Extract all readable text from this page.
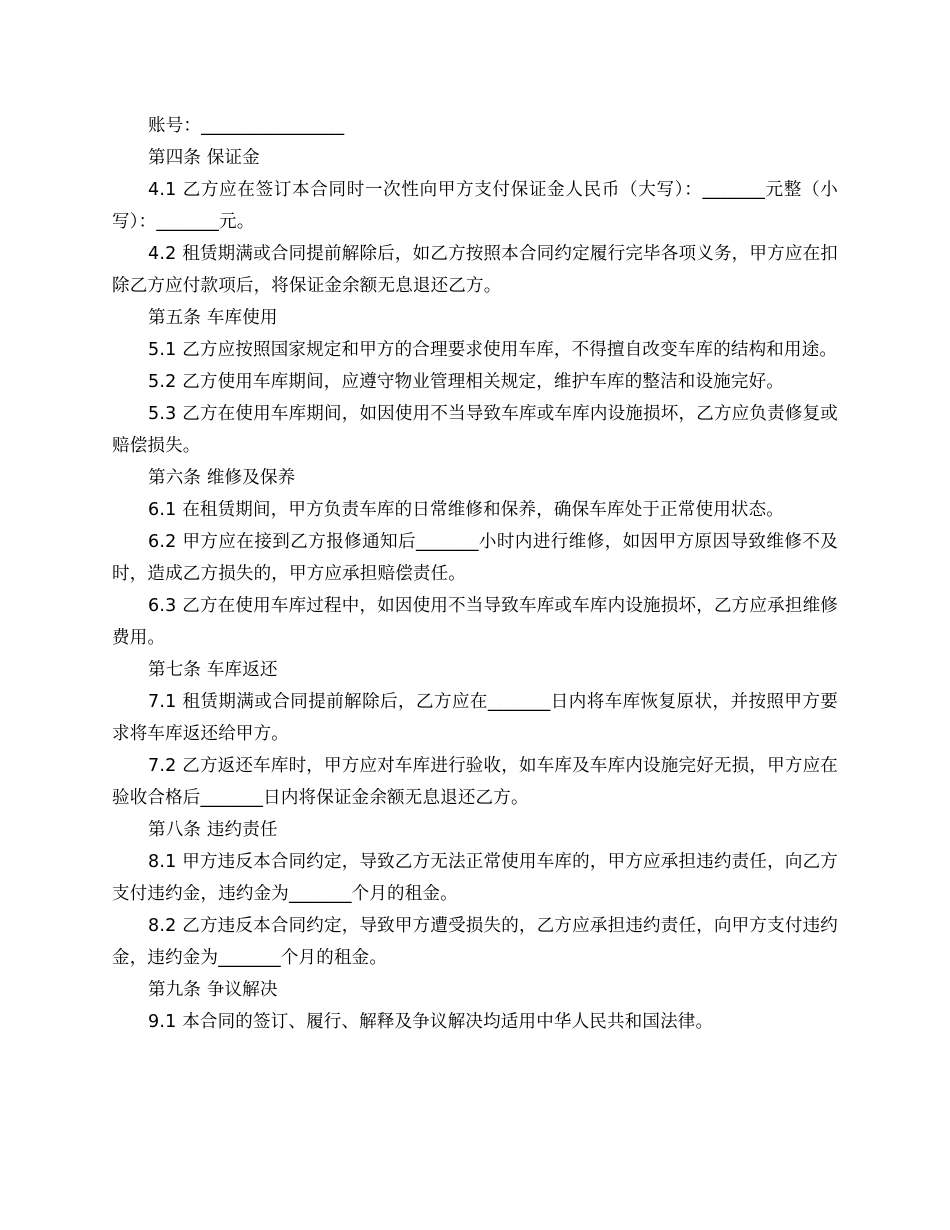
账号：________________

第四条 保证金

4.1 乙方应在签订本合同时一次性向甲方支付保证金人民币（大写）：_______元整（小写）：_______元。

4.2 租赁期满或合同提前解除后，如乙方按照本合同约定履行完毕各项义务，甲方应在扣除乙方应付款项后，将保证金余额无息退还乙方。

第五条 车库使用

5.1 乙方应按照国家规定和甲方的合理要求使用车库，不得擅自改变车库的结构和用途。

5.2 乙方使用车库期间，应遵守物业管理相关规定，维护车库的整洁和设施完好。

5.3 乙方在使用车库期间，如因使用不当导致车库或车库内设施损坏，乙方应负责修复或赔偿损失。

第六条 维修及保养

6.1 在租赁期间，甲方负责车库的日常维修和保养，确保车库处于正常使用状态。

6.2 甲方应在接到乙方报修通知后_______小时内进行维修，如因甲方原因导致维修不及时，造成乙方损失的，甲方应承担赔偿责任。

6.3 乙方在使用车库过程中，如因使用不当导致车库或车库内设施损坏，乙方应承担维修费用。

第七条 车库返还

7.1 租赁期满或合同提前解除后，乙方应在_______日内将车库恢复原状，并按照甲方要求将车库返还给甲方。

7.2 乙方返还车库时，甲方应对车库进行验收，如车库及车库内设施完好无损，甲方应在验收合格后_______日内将保证金余额无息退还乙方。

第八条 违约责任

8.1 甲方违反本合同约定，导致乙方无法正常使用车库的，甲方应承担违约责任，向乙方支付违约金，违约金为_______个月的租金。

8.2 乙方违反本合同约定，导致甲方遭受损失的，乙方应承担违约责任，向甲方支付违约金，违约金为_______个月的租金。

第九条 争议解决

9.1 本合同的签订、履行、解释及争议解决均适用中华人民共和国法律。
